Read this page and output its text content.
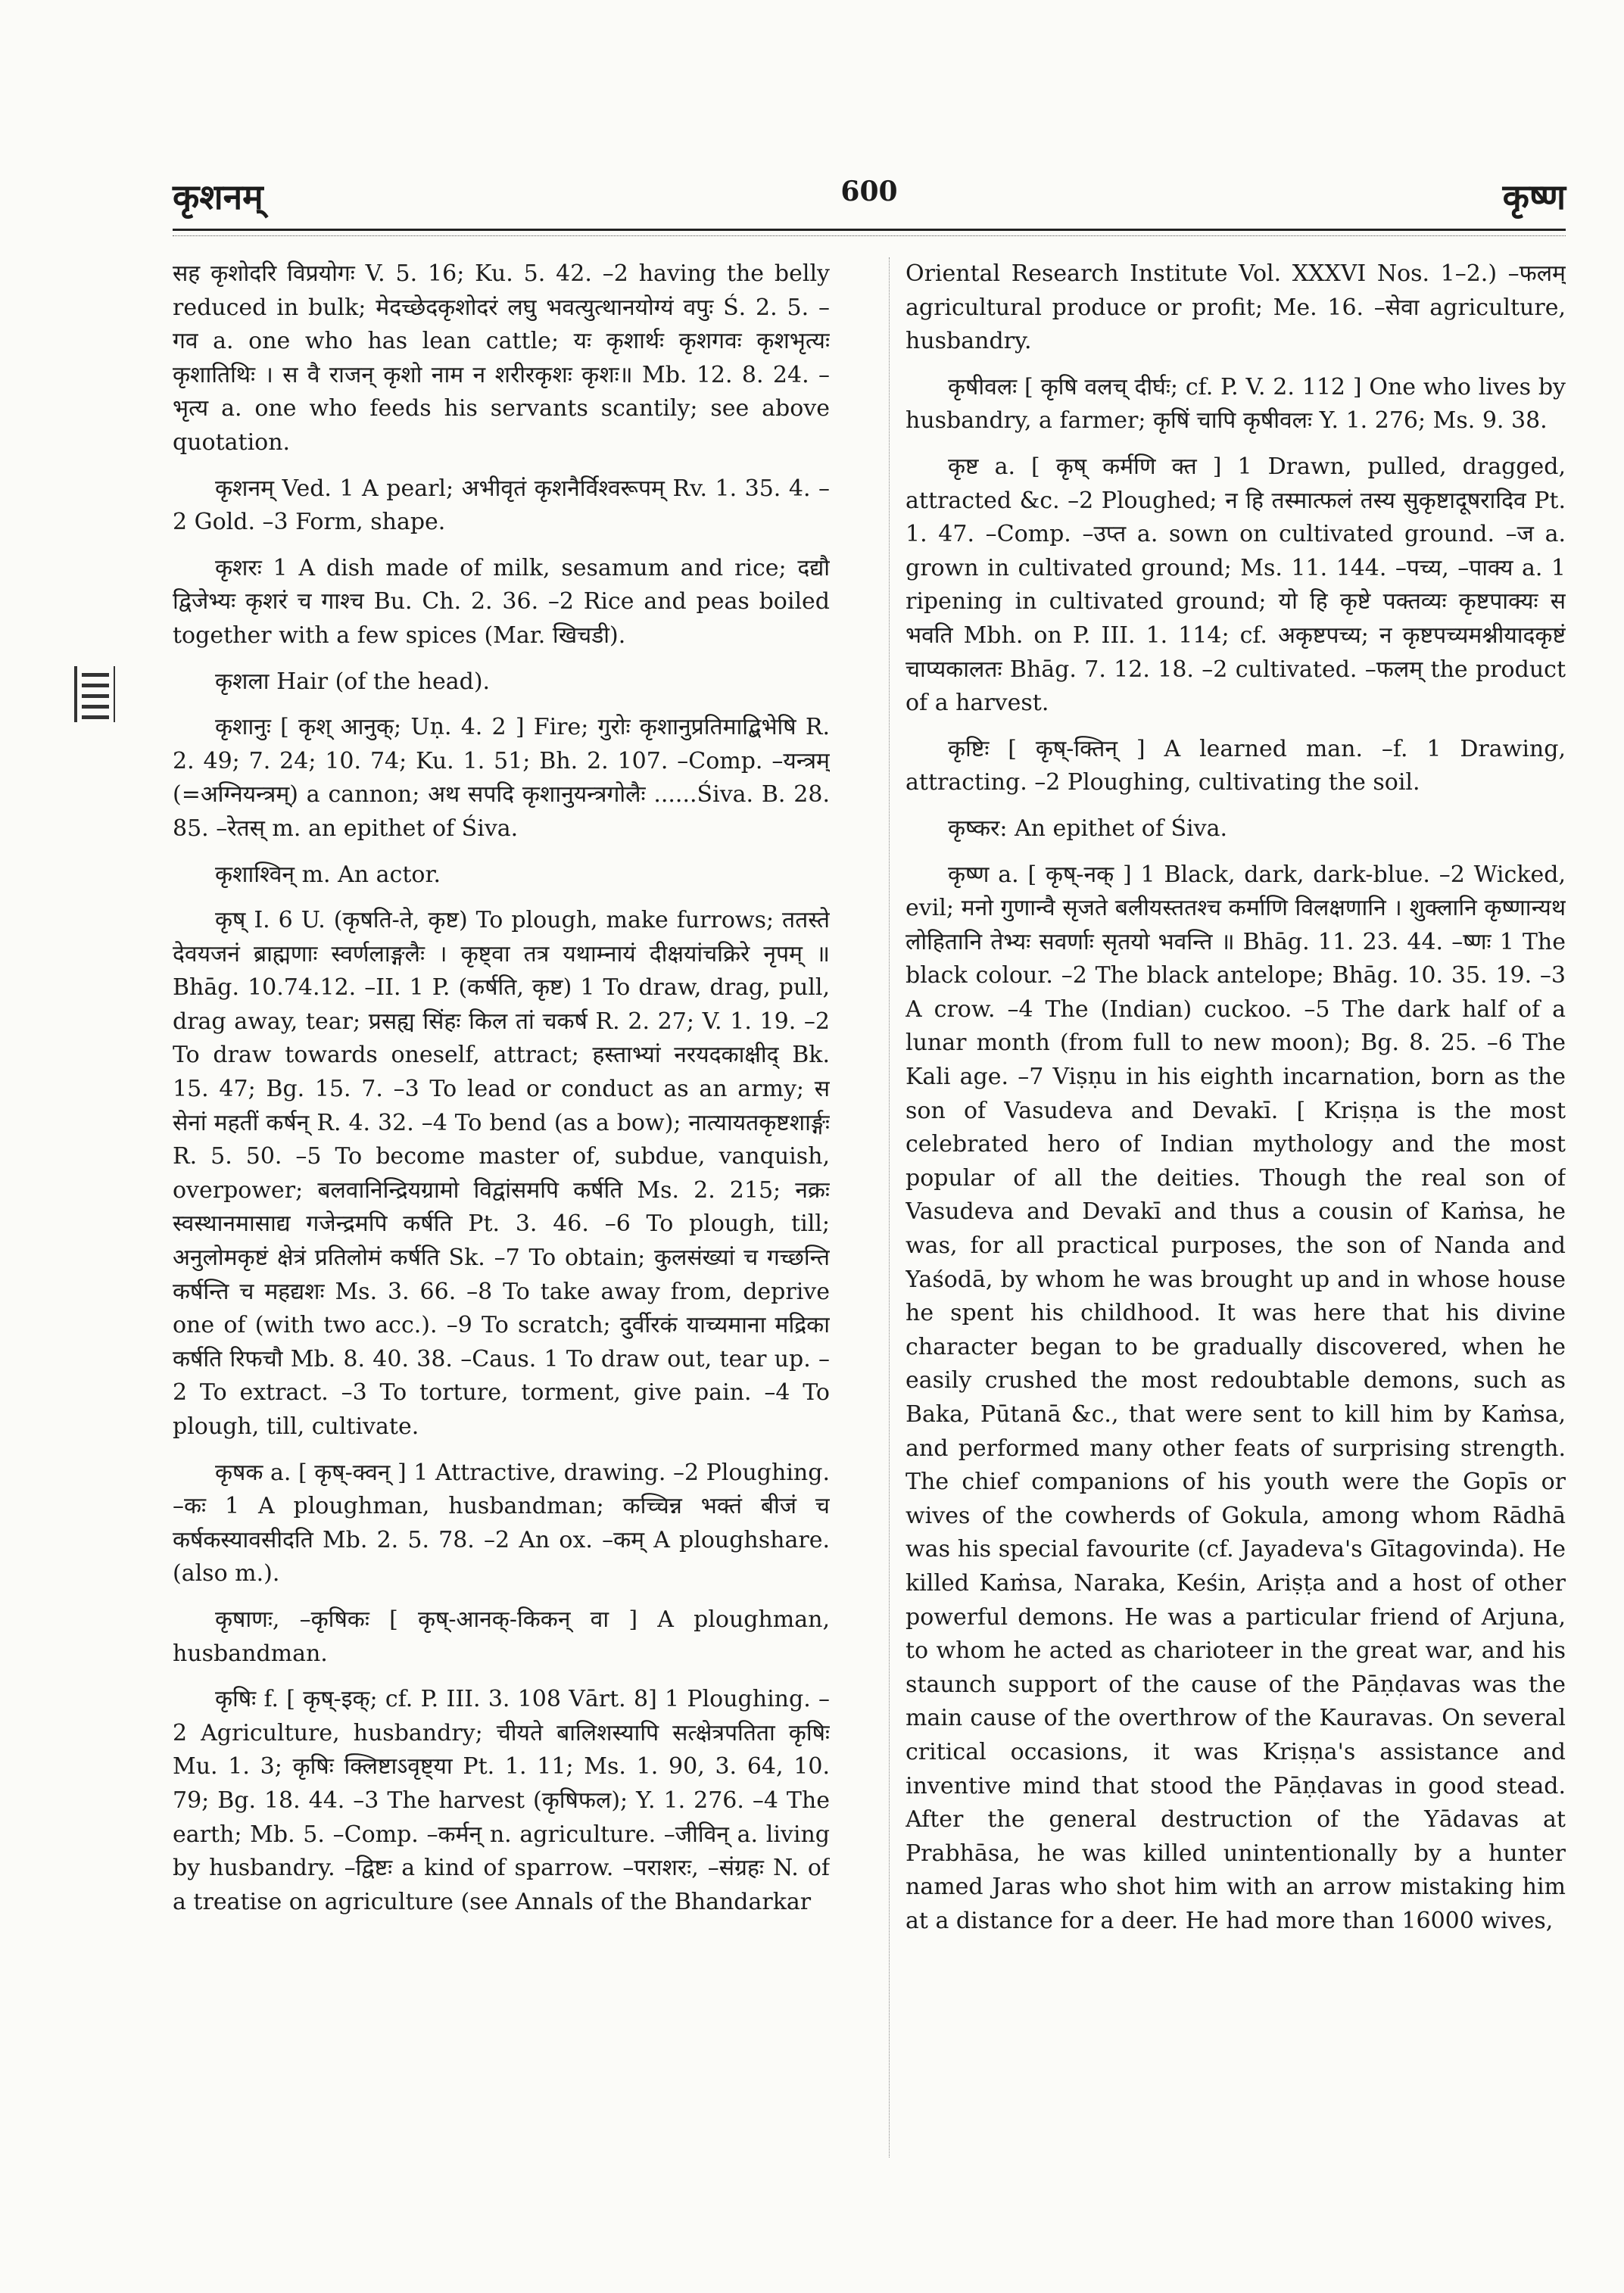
कृशनम्	600	कृष्ण

सह कृशोदरि विप्रयोगः V. 5. 16; Ku. 5. 42. –2 having the belly reduced in bulk; मेदच्छेदकृशोदरं लघु भवत्युत्थानयोग्यं वपुः Ś. 2. 5. –गव a. one who has lean cattle; यः कृशार्थः कृशगवः कृशभृत्यः कृशातिथिः । स वै राजन् कृशो नाम न शरीरकृशः कृशः॥ Mb. 12. 8. 24. –भृत्य a. one who feeds his servants scantily; see above quotation.

कृशनम् Ved. 1 A pearl; अभीवृतं कृशनैर्विश्वरूपम् Rv. 1. 35. 4. –2 Gold. –3 Form, shape.

कृशरः 1 A dish made of milk, sesamum and rice; दद्यौ द्विजेभ्यः कृशरं च गाश्च Bu. Ch. 2. 36. –2 Rice and peas boiled together with a few spices (Mar. खिचडी).

कृशला Hair (of the head).

कृशानुः [ कृश् आनुक्; Uṇ. 4. 2 ] Fire; गुरोः कृशानुप्रतिमाद्बिभेषि R. 2. 49; 7. 24; 10. 74; Ku. 1. 51; Bh. 2. 107. –Comp. –यन्त्रम् (=अग्नियन्त्रम्) a cannon; अथ सपदि कृशानुयन्त्रगोलैः ......Śiva. B. 28. 85. –रेतस् m. an epithet of Śiva.

कृशाश्विन् m. An actor.

कृष् I. 6 U. (कृषति-ते, कृष्ट) To plough, make furrows; ततस्ते देवयजनं ब्राह्मणाः स्वर्णलाङ्गलैः । कृष्ट्वा तत्र यथाम्नायं दीक्षयांचक्रिरे नृपम् ॥ Bhāg. 10.74.12. –II. 1 P. (कर्षति, कृष्ट) 1 To draw, drag, pull, drag away, tear; प्रसह्य सिंहः किल तां चकर्ष R. 2. 27; V. 1. 19. –2 To draw towards oneself, attract; हस्ताभ्यां नरयदकाक्षीद् Bk. 15. 47; Bg. 15. 7. –3 To lead or conduct as an army; स सेनां महतीं कर्षन् R. 4. 32. –4 To bend (as a bow); नात्यायतकृष्टशार्ङ्गः R. 5. 50. –5 To become master of, subdue, vanquish, overpower; बलवानिन्द्रियग्रामो विद्वांसमपि कर्षति Ms. 2. 215; नक्रः स्वस्थानमासाद्य गजेन्द्रमपि कर्षति Pt. 3. 46. –6 To plough, till; अनुलोमकृष्टं क्षेत्रं प्रतिलोमं कर्षति Sk. –7 To obtain; कुलसंख्यां च गच्छन्ति कर्षन्ति च महद्यशः Ms. 3. 66. –8 To take away from, deprive one of (with two acc.). –9 To scratch; दुर्वीरकं याच्यमाना मद्रिका कर्षति रिफचौ Mb. 8. 40. 38. –Caus. 1 To draw out, tear up. –2 To extract. –3 To torture, torment, give pain. –4 To plough, till, cultivate.

कृषक a. [ कृष्-क्वन् ] 1 Attractive, drawing. –2 Ploughing. –कः 1 A ploughman, husbandman; कच्चिन्न भक्तं बीजं च कर्षकस्यावसीदति Mb. 2. 5. 78. –2 An ox. –कम् A ploughshare. (also m.).

कृषाणः, –कृषिकः [ कृष्-आनक्-किकन् वा ] A ploughman, husbandman.

कृषिः f. [ कृष्-इक्; cf. P. III. 3. 108 Vārt. 8] 1 Ploughing. –2 Agriculture, husbandry; चीयते बालिशस्यापि सत्क्षेत्रपतिता कृषिः Mu. 1. 3; कृषिः क्लिष्टाऽवृष्ट्या Pt. 1. 11; Ms. 1. 90, 3. 64, 10. 79; Bg. 18. 44. –3 The harvest (कृषिफल); Y. 1. 276. –4 The earth; Mb. 5. –Comp. –कर्मन् n. agriculture. –जीविन् a. living by husbandry. –द्विष्टः a kind of sparrow. –पराशरः, –संग्रहः N. of a treatise on agriculture (see Annals of the Bhandarkar

Oriental Research Institute Vol. XXXVI Nos. 1–2.) –फलम् agricultural produce or profit; Me. 16. –सेवा agriculture, husbandry.

कृषीवलः [ कृषि वलच् दीर्घः; cf. P. V. 2. 112 ] One who lives by husbandry, a farmer; कृषिं चापि कृषीवलः Y. 1. 276; Ms. 9. 38.

कृष्ट a. [ कृष् कर्मणि क्त ] 1 Drawn, pulled, dragged, attracted &c. –2 Ploughed; न हि तस्मात्फलं तस्य सुकृष्टादूषरादिव Pt. 1. 47. –Comp. –उप्त a. sown on cultivated ground. –ज a. grown in cultivated ground; Ms. 11. 144. –पच्य, –पाक्य a. 1 ripening in cultivated ground; यो हि कृष्टे पक्तव्यः कृष्टपाक्यः स भवति Mbh. on P. III. 1. 114; cf. अकृष्टपच्य; न कृष्टपच्यमश्नीयादकृष्टं चाप्यकालतः Bhāg. 7. 12. 18. –2 cultivated. –फलम् the product of a harvest.

कृष्टिः [ कृष्-क्तिन् ] A learned man. –f. 1 Drawing, attracting. –2 Ploughing, cultivating the soil.

कृष्कर: An epithet of Śiva.

कृष्ण a. [ कृष्-नक् ] 1 Black, dark, dark-blue. –2 Wicked, evil; मनो गुणान्वै सृजते बलीयस्ततश्च कर्माणि विलक्षणानि । शुक्लानि कृष्णान्यथ लोहितानि तेभ्यः सवर्णाः सृतयो भवन्ति ॥ Bhāg. 11. 23. 44. –ष्णः 1 The black colour. –2 The black antelope; Bhāg. 10. 35. 19. –3 A crow. –4 The (Indian) cuckoo. –5 The dark half of a lunar month (from full to new moon); Bg. 8. 25. –6 The Kali age. –7 Viṣṇu in his eighth incarnation, born as the son of Vasudeva and Devakī. [ Kriṣṇa is the most celebrated hero of Indian mythology and the most popular of all the deities. Though the real son of Vasudeva and Devakī and thus a cousin of Kaṁsa, he was, for all practical purposes, the son of Nanda and Yaśodā, by whom he was brought up and in whose house he spent his childhood. It was here that his divine character began to be gradually discovered, when he easily crushed the most redoubtable demons, such as Baka, Pūtanā &c., that were sent to kill him by Kaṁsa, and performed many other feats of surprising strength. The chief companions of his youth were the Gopīs or wives of the cowherds of Gokula, among whom Rādhā was his special favourite (cf. Jayadeva's Gītagovinda). He killed Kaṁsa, Naraka, Keśin, Ariṣṭa and a host of other powerful demons. He was a particular friend of Arjuna, to whom he acted as charioteer in the great war, and his staunch support of the cause of the Pāṇḍavas was the main cause of the overthrow of the Kauravas. On several critical occasions, it was Kriṣṇa's assistance and inventive mind that stood the Pāṇḍavas in good stead. After the general destruction of the Yādavas at Prabhāsa, he was killed unintentionally by a hunter named Jaras who shot him with an arrow mistaking him at a distance for a deer. He had more than 16000 wives,
